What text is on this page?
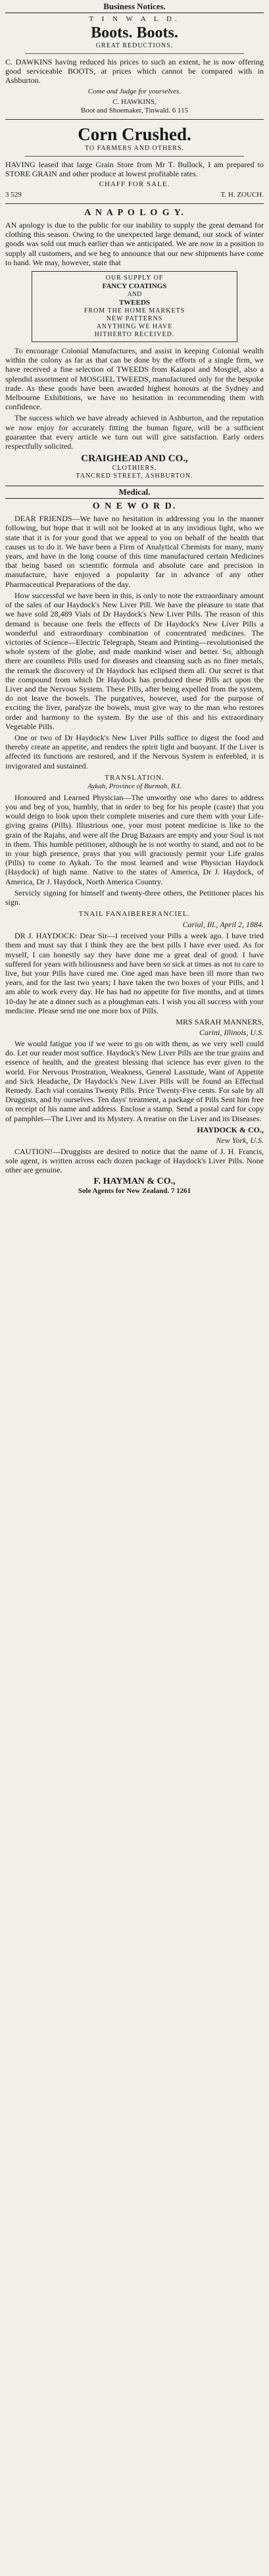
Business Notices.
T I N W A L D.
Boots. Boots.
GREAT REDUCTIONS.
C. DAWKINS having reduced his prices to such an extent, he is now offering good serviceable BOOTS, at prices which cannot be compared with in Ashburton.
Come and Judge for yourselves.
C. HAWKINS,
Boot and Shoemaker, Tinwald. 6 115
Corn Crushed.
TO FARMERS AND OTHERS.
HAVING leased that large Grain Store from Mr T. Bullock, I am prepared to STORE GRAIN and other produce at lowest profitable rates.
CHAFF FOR SALE.
3 529	T. H. ZOUCH.
A N A P O L O G Y.
AN apology is due to the public for our inability to supply the great demand for clothing this season. Owing to the unexpected large demand, our stock of winter goods was sold out much earlier than we anticipated. We are now in a position to supply all customers, and we beg to announce that our new shipments have come to hand. We may, however, state that
OUR SUPPLY OF
FANCY COATINGS
AND
TWEEDS
FROM THE HOME MARKETS
NEW PATTERNS
ANYTHING WE HAVE
HITHERTO RECEIVED.
To encourage Colonial Manufactures, and assist in keeping Colonial wealth within the colony as far as that can be done by the efforts of a single firm, we have received a fine selection of TWEEDS from Kaiapoi and Mosgiel, also a splendid assortment of MOSGIEL TWEEDS, manufactured only for the bespoke trade. As these goods have been awarded highest honours at the Sydney and Melbourne Exhibitions, we have no hesitation in recommending them with confidence.
The success which we have already achieved in Ashburton, and the reputation we now enjoy for accurately fitting the human figure, will be a sufficient guarantee that every article we turn out will give satisfaction. Early orders respectfully solicited.
CRAIGHEAD AND CO.,
CLOTHIERS,
TANCRED STREET, ASHBURTON.
Medical.
O N E W O R D.
DEAR FRIENDS—We have no hesitation in addressing you in the manner following, but hope that it will not be looked at in any invidious light, who we state that it is for your good that we appeal to you on behalf of the health that causes us to do it. We have been a Firm of Analytical Chemists for many, many years, and have in the long course of this time manufactured certain Medicines that being based on scientific formula and absolute care and precision in manufacture, have enjoyed a popularity far in advance of any other Pharmaceutical Preparations of the day.
How successful we have been in this, is only to note the extraordinary amount of the sales of our Haydock's New Liver Pill. We have the pleasure to state that we have sold 28,489 Vials of Dr Haydock's New Liver Pills. The reason of this demand is because one feels the effects of Dr Haydock's New Liver Pills a wonderful and extraordinary combination of concentrated medicines. The victories of Science—Electric Telegraph, Steam and Printing—revolutionised the whole system of the globe, and made mankind wiser and better. So, although there are countless Pills used for diseases and cleansing such as no finer metals, the remark the discovery of Dr Haydock has eclipsed them all. Our secret is that the compound from which Dr Haydock has produced these Pills act upon the Liver and the Nervous System. These Pills, after being expelled from the system, do not leave the bowels. The purgatives, however, used for the purpose of exciting the liver, paralyze the bowels, must give way to the man who restores order and harmony to the system. By the use of this and his extraordinary Vegetable Pills.
One or two of Dr Haydock's New Liver Pills suffice to digest the food and thereby create an appetite, and renders the spirit light and buoyant. If the Liver is affected its functions are restored, and if the Nervous System is enfeebled, it is invigorated and sustained.
TRANSLATION.
Aykah, Province of Burmah, B.I.
Honoured and Learned Physician—The unworthy one who dares to address you and beg of you, humbly, that in order to beg for his people (caste) that you would deign to look upon their complete miseries and cure them with your Life-giving grains (Pills). Illustrious one, your most potent medicine is like to the grain of the Rajahs, and were all the Drug Bazaars are empty and your Soul is not in them. This humble petitioner, although he is not worthy to stand, and not to be in your high presence, prays that you will graciously permit your Life grains (Pills) to come to Aykah. To the most learned and wise Physician Haydock (Haydock) of high name. Native to the states of America, Dr J. Haydock, of America, Dr J. Haydock, North America Country.
Servicly signing for himself and twenty-three others, the Petitioner places his sign.
TNAIL FANAIBERERANCIEL.
Cariul, Ill., April 2, 1884.
DR J. HAYDOCK: Dear Sir—I received your Pills a week ago. I have tried them and must say that I think they are the best pills I have ever used. As for myself, I can honestly say they have done me a great deal of good. I have suffered for years with biliousness and have been so sick at times as not to care to live, but your Pills have cured me. One aged man have been ill more than two years, and for the last two years; I have taken the two boxes of your Pills, and I am able to work every day. He has had no appetite for five months, and at times 10-day he ate a dinner such as a ploughman eats. I wish you all success with your medicine. Please send me one more box of Pills.
MRS SARAH MANNERS,
Carini, Illinois, U.S.
We would fatigue you if we were to go on with them, as we very well could do. Let our reader most suffice. Haydock's New Liver Pills are the true grains and essence of health, and the greatest blessing that science has ever given to the world. For Nervous Prostration, Weakness, General Lassitude, Want of Appetite and Sick Headache, Dr Haydock's New Liver Pills will be found an Effectual Remedy. Each vial contains Twenty Pills. Price Twenty-Five cents. For sale by all Druggists, and by ourselves. Ten days' treatment, a package of Pills Sent him free on receipt of his name and address. Enclose a stamp. Send a postal card for copy of pamphlet—The Liver and its Mystery. A treatise on the Liver and its Diseases.
HAYDOCK & CO.,
New York, U.S.
CAUTION!—Druggists are desired to notice that the name of J. H. Francis, sole agent, is written across each dozen package of Haydock's Liver Pills. None other are genuine.
F. HAYMAN & CO.,
Sole Agents for New Zealand. 7 1261
